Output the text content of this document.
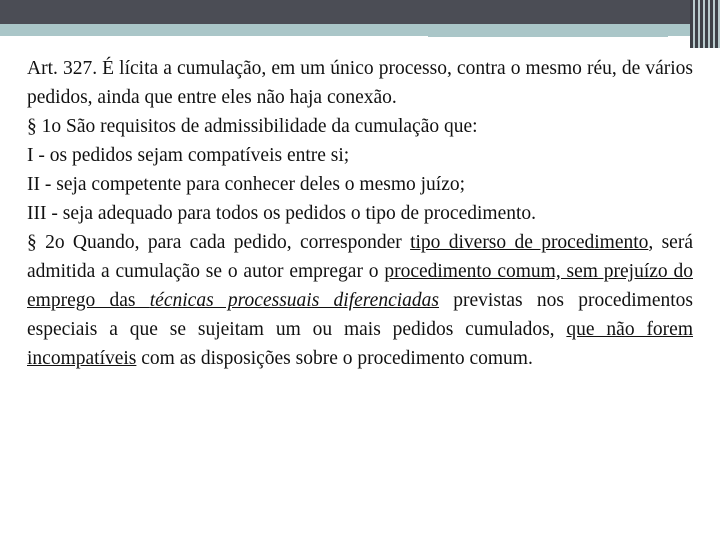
Art. 327. É lícita a cumulação, em um único processo, contra o mesmo réu, de vários pedidos, ainda que entre eles não haja conexão.

§ 1o São requisitos de admissibilidade da cumulação que:

I - os pedidos sejam compatíveis entre si;

II - seja competente para conhecer deles o mesmo juízo;

III - seja adequado para todos os pedidos o tipo de procedimento.

§ 2o Quando, para cada pedido, corresponder tipo diverso de procedimento, será admitida a cumulação se o autor empregar o procedimento comum, sem prejuízo do emprego das técnicas processuais diferenciadas previstas nos procedimentos especiais a que se sujeitam um ou mais pedidos cumulados, que não forem incompatíveis com as disposições sobre o procedimento comum.
